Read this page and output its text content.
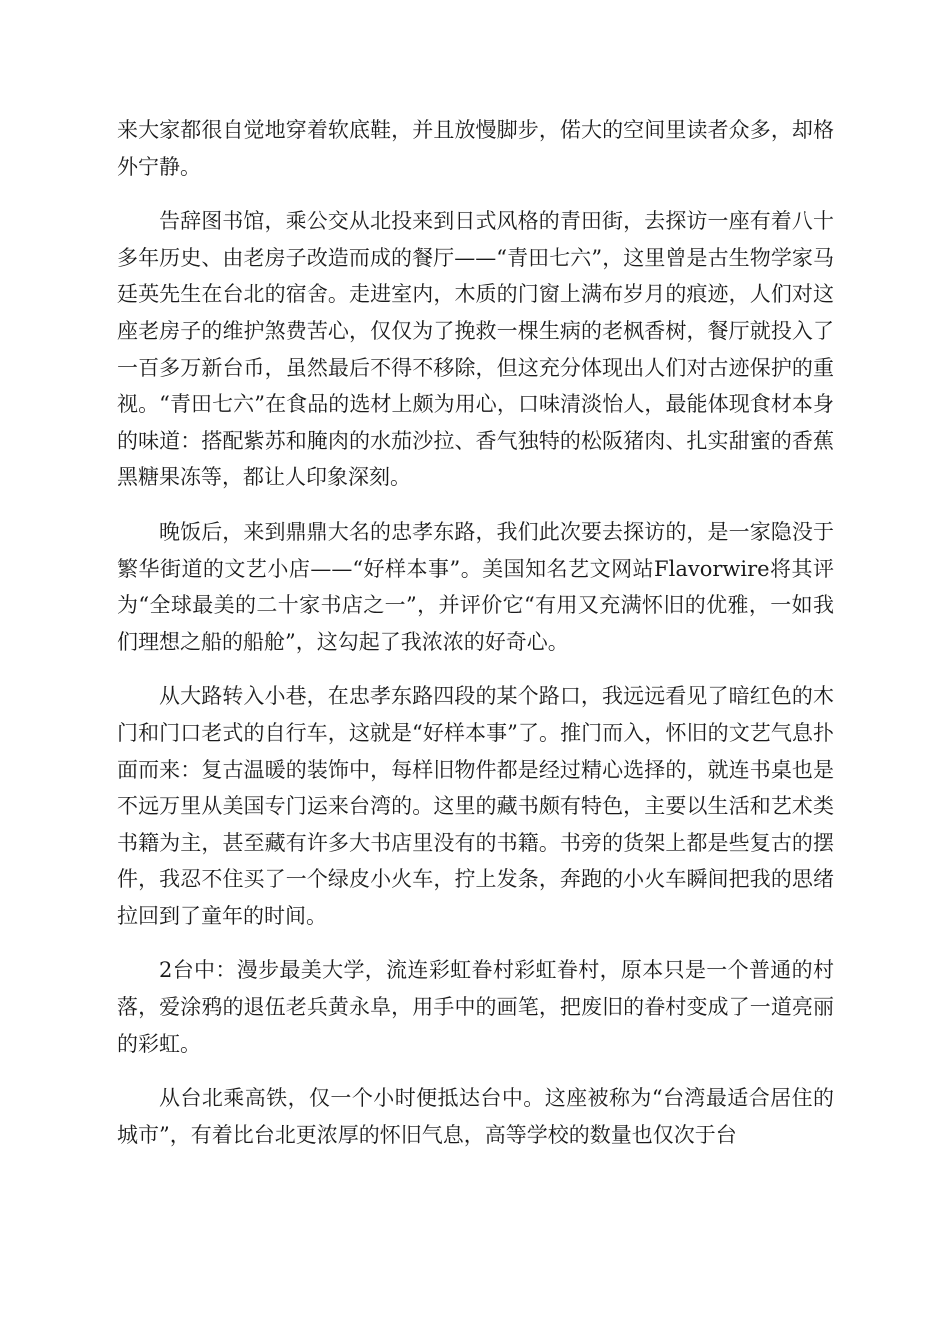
来大家都很自觉地穿着软底鞋，并且放慢脚步，偌大的空间里读者众多，却格外宁静。

告辞图书馆，乘公交从北投来到日式风格的青田街，去探访一座有着八十多年历史、由老房子改造而成的餐厅——“青田七六”，这里曾是古生物学家马廷英先生在台北的宿舍。走进室内，木质的门窗上满布岁月的痕迹，人们对这座老房子的维护煞费苦心，仅仅为了挽救一棵生病的老枫香树，餐厅就投入了一百多万新台币，虽然最后不得不移除，但这充分体现出人们对古迹保护的重视。“青田七六”在食品的选材上颇为用心，口味清淡怡人，最能体现食材本身的味道：搭配紫苏和腌肉的水茄沙拉、香气独特的松阪猪肉、扎实甜蜜的香蕉黑糖果冻等，都让人印象深刻。

晚饭后，来到鼎鼎大名的忠孝东路，我们此次要去探访的，是一家隐没于繁华街道的文艺小店——“好样本事”。美国知名艺文网站Flavorwire将其评为“全球最美的二十家书店之一”，并评价它“有用又充满怀旧的优雅，一如我们理想之船的船舱”，这勾起了我浓浓的好奇心。

从大路转入小巷，在忠孝东路四段的某个路口，我远远看见了暗红色的木门和门口老式的自行车，这就是“好样本事”了。推门而入，怀旧的文艺气息扑面而来：复古温暖的装饰中，每样旧物件都是经过精心选择的，就连书桌也是不远万里从美国专门运来台湾的。这里的藏书颇有特色，主要以生活和艺术类书籍为主，甚至藏有许多大书店里没有的书籍。书旁的货架上都是些复古的摆件，我忍不住买了一个绿皮小火车，拧上发条，奔跑的小火车瞬间把我的思绪拉回到了童年的时间。

2台中：漫步最美大学，流连彩虹眷村彩虹眷村，原本只是一个普通的村落，爱涂鸦的退伍老兵黄永阜，用手中的画笔，把废旧的眷村变成了一道亮丽的彩虹。

从台北乘高铁，仅一个小时便抵达台中。这座被称为“台湾最适合居住的城市”，有着比台北更浓厚的怀旧气息，高等学校的数量也仅次于台
